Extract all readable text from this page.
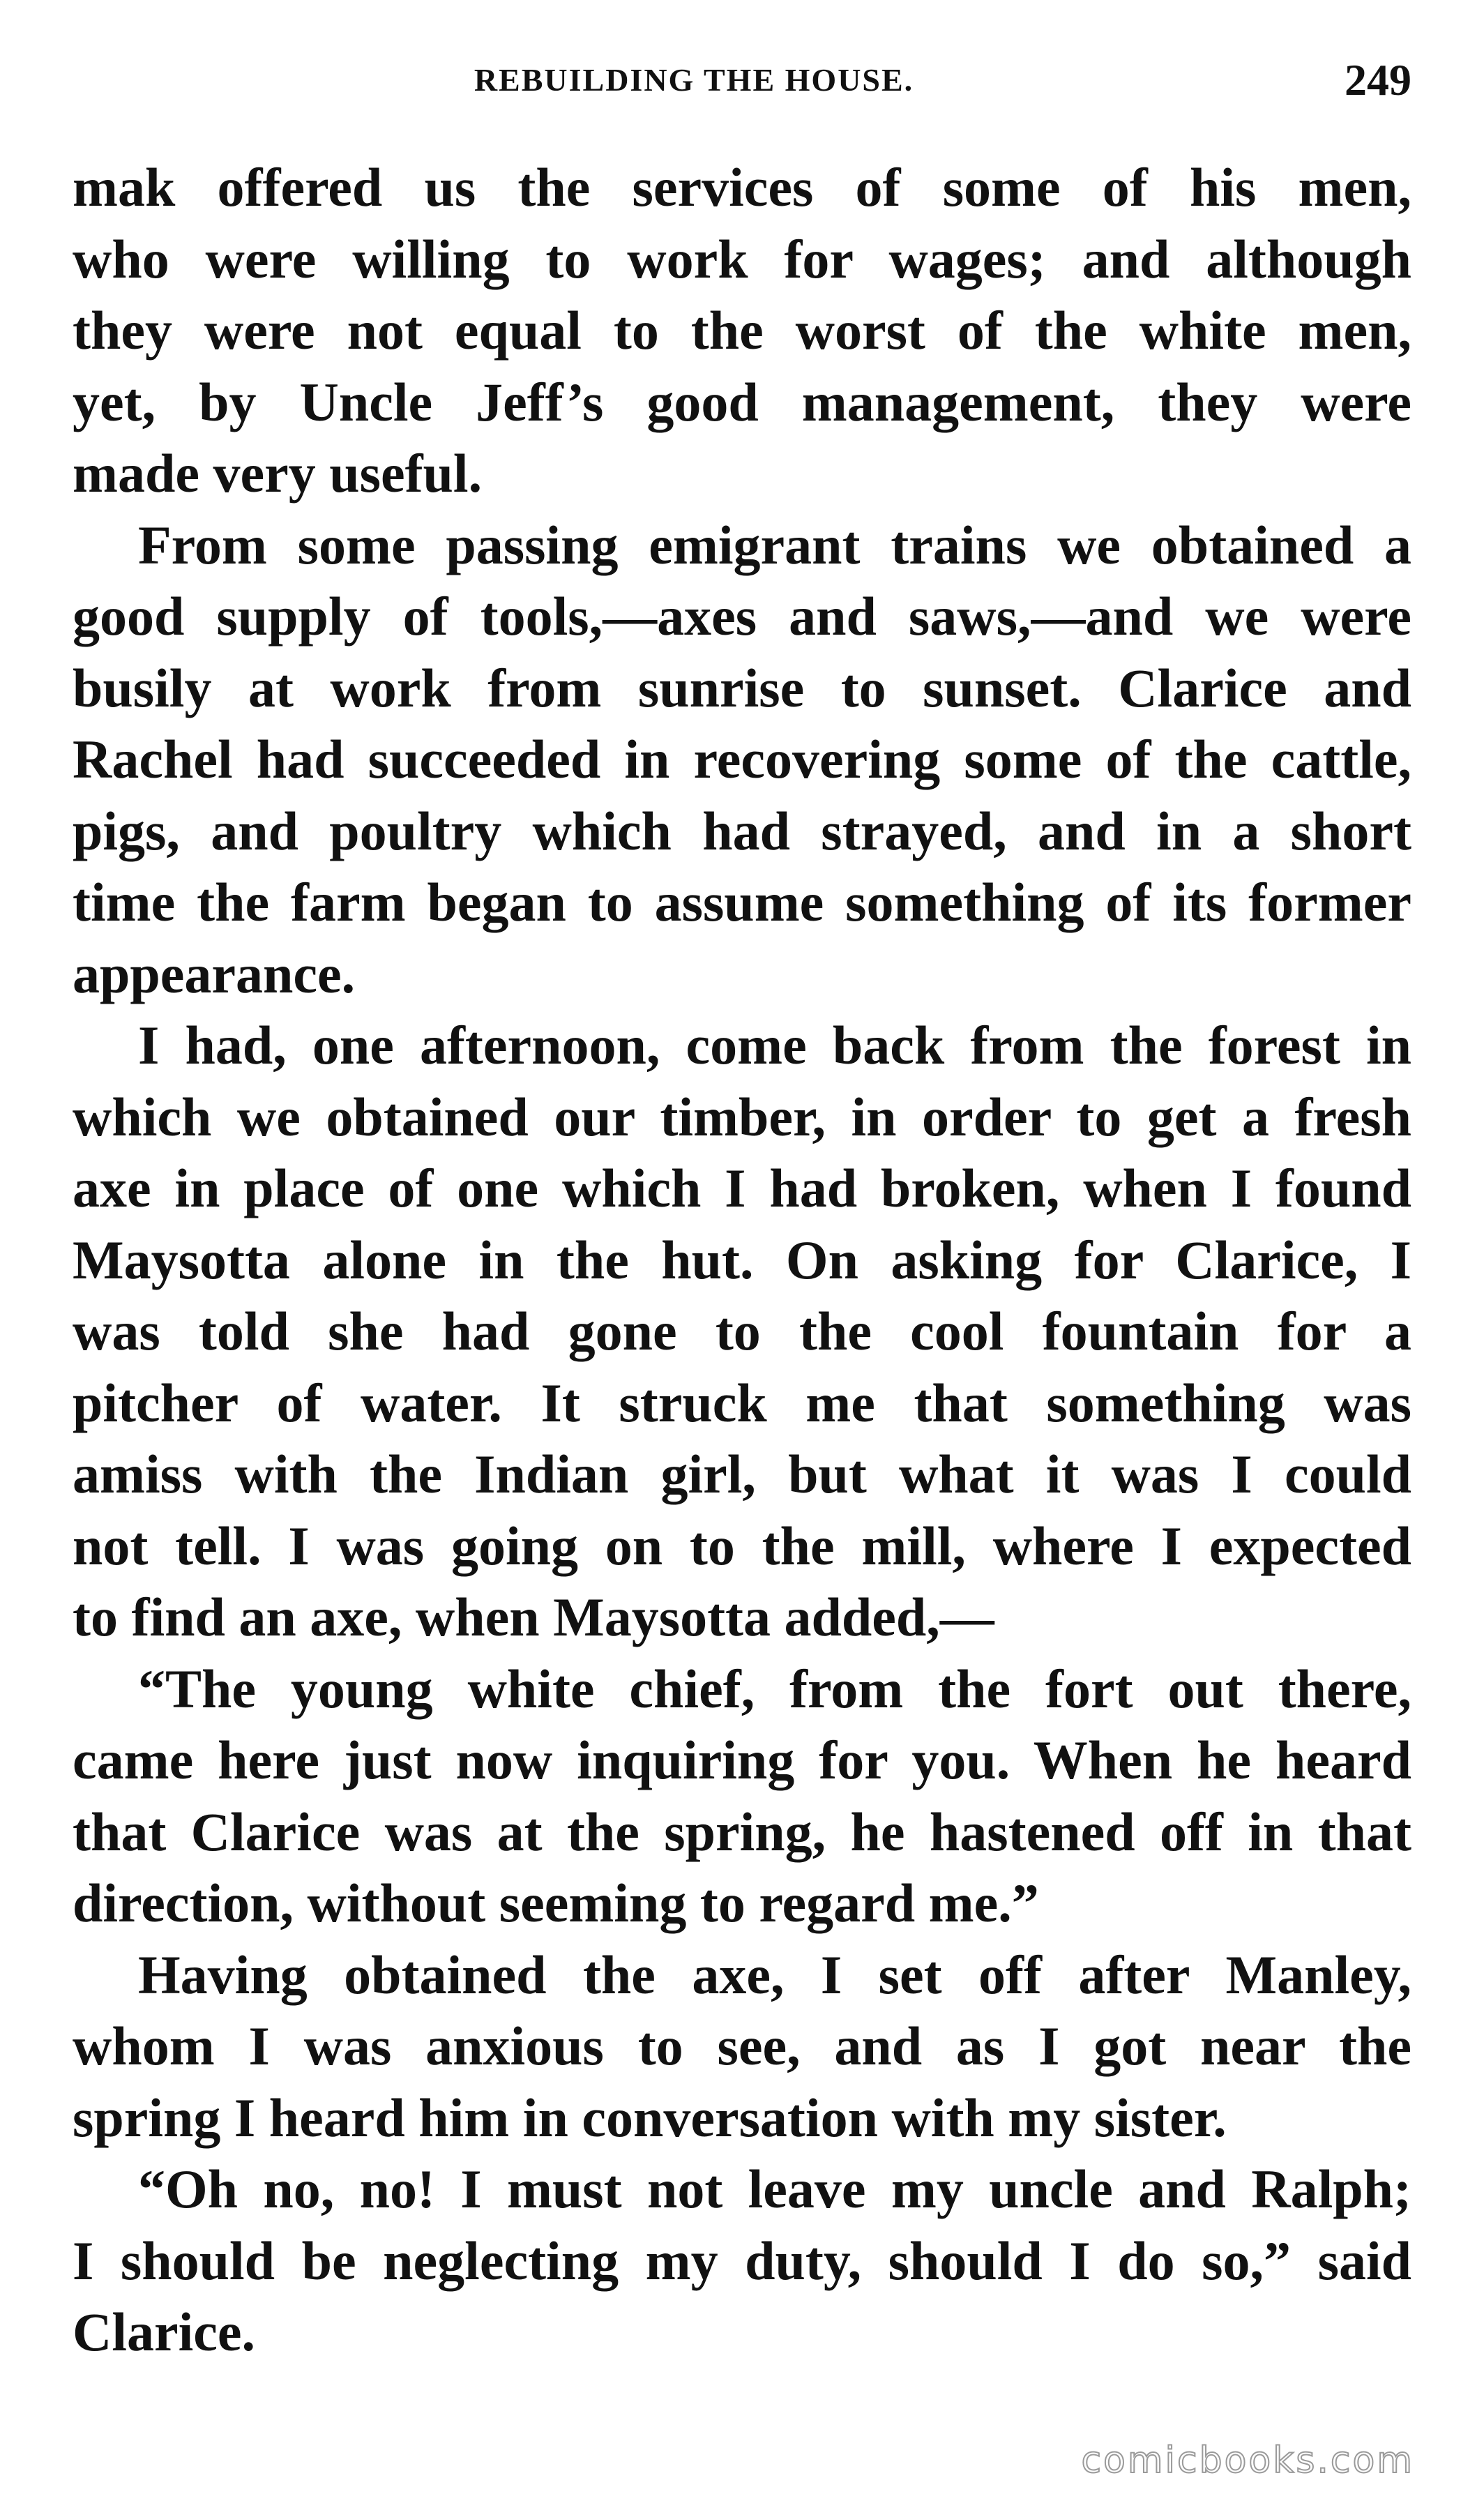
REBUILDING THE HOUSE.	249
mak offered us the services of some of his men,
who were willing to work for wages; and although
they were not equal to the worst of the white men,
yet, by Uncle Jeff’s good management, they were
made very useful.
From some passing emigrant trains we obtained a
good supply of tools,—axes and saws,—and we were
busily at work from sunrise to sunset. Clarice and
Rachel had succeeded in recovering some of the cattle,
pigs, and poultry which had strayed, and in a short
time the farm began to assume something of its former
appearance.
I had, one afternoon, come back from the forest in
which we obtained our timber, in order to get a fresh
axe in place of one which I had broken, when I found
Maysotta alone in the hut. On asking for Clarice, I
was told she had gone to the cool fountain for a
pitcher of water. It struck me that something was
amiss with the Indian girl, but what it was I could
not tell. I was going on to the mill, where I expected
to find an axe, when Maysotta added,—
“The young white chief, from the fort out there,
came here just now inquiring for you. When he heard
that Clarice was at the spring, he hastened off in that
direction, without seeming to regard me.”
Having obtained the axe, I set off after Manley,
whom I was anxious to see, and as I got near the
spring I heard him in conversation with my sister.
“Oh no, no! I must not leave my uncle and Ralph;
I should be neglecting my duty, should I do so,” said
Clarice.
comicbooks.com
